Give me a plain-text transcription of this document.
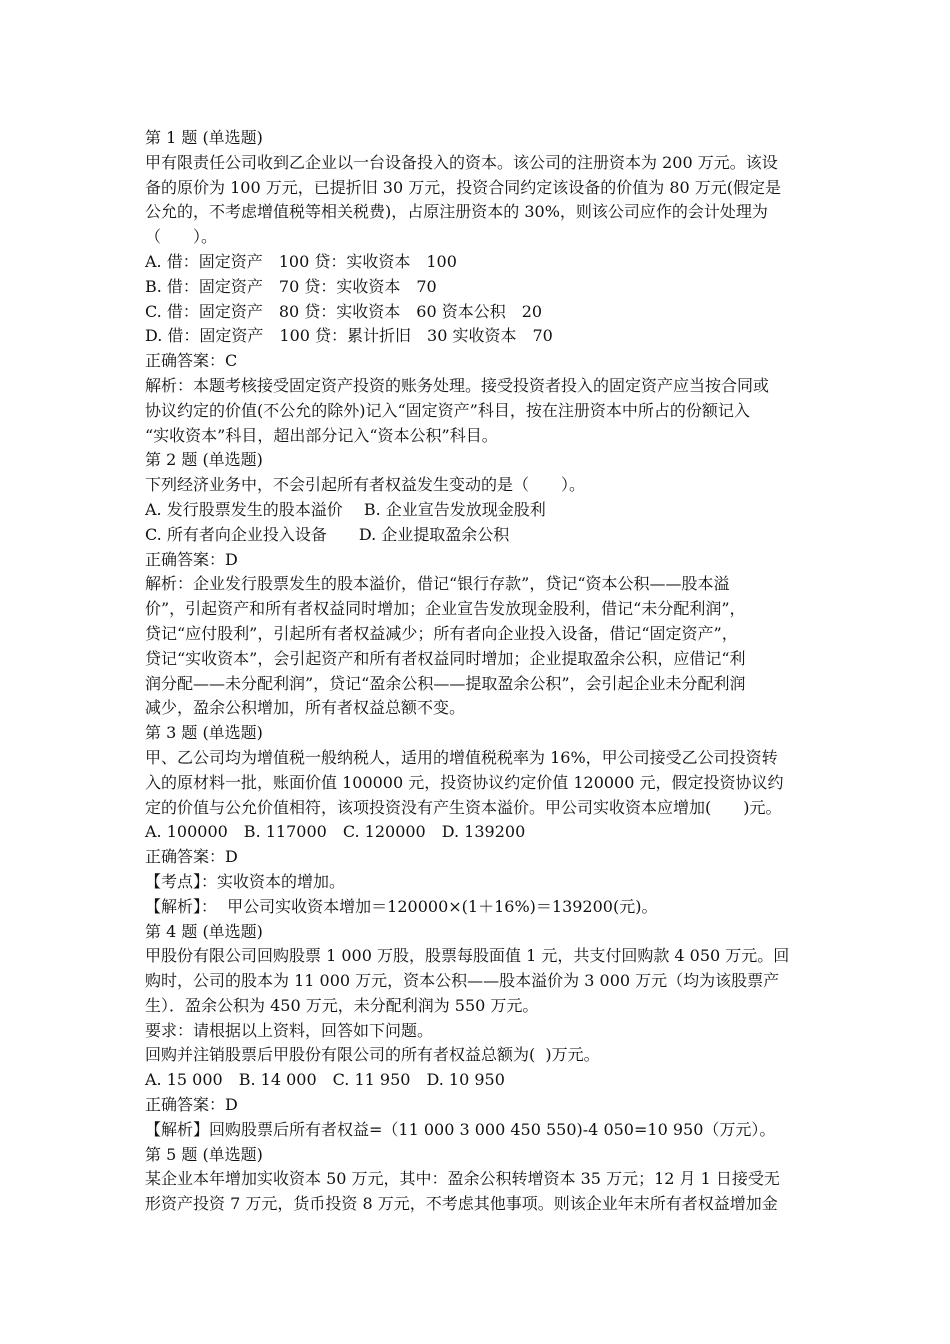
第 1 题 (单选题)
甲有限责任公司收到乙企业以一台设备投入的资本。该公司的注册资本为 200 万元。该设
备的原价为 100 万元，已提折旧 30 万元，投资合同约定该设备的价值为 80 万元(假定是
公允的，不考虑增值税等相关税费)，占原注册资本的 30%，则该公司应作的会计处理为
（　　）。
A. 借：固定资产　100 贷：实收资本　100
B. 借：固定资产　70 贷：实收资本　70
C. 借：固定资产　80 贷：实收资本　60 资本公积　20
D. 借：固定资产　100 贷：累计折旧　30 实收资本　70
正确答案：C
解析：本题考核接受固定资产投资的账务处理。接受投资者投入的固定资产应当按合同或
协议约定的价值(不公允的除外)记入“固定资产”科目，按在注册资本中所占的份额记入
“实收资本”科目，超出部分记入“资本公积”科目。
第 2 题 (单选题)
下列经济业务中，不会引起所有者权益发生变动的是（　　）。
A. 发行股票发生的股本溢价　 B. 企业宣告发放现金股利
C. 所有者向企业投入设备　　D. 企业提取盈余公积
正确答案：D
解析：企业发行股票发生的股本溢价，借记“银行存款”，贷记“资本公积——股本溢
价”，引起资产和所有者权益同时增加；企业宣告发放现金股利，借记“未分配利润”，
贷记“应付股利”，引起所有者权益减少；所有者向企业投入设备，借记“固定资产”，
贷记“实收资本”，会引起资产和所有者权益同时增加；企业提取盈余公积，应借记“利
润分配——未分配利润”，贷记“盈余公积——提取盈余公积”，会引起企业未分配利润
减少，盈余公积增加，所有者权益总额不变。
第 3 题 (单选题)
甲、乙公司均为增值税一般纳税人，适用的增值税税率为 16%，甲公司接受乙公司投资转
入的原材料一批，账面价值 100000 元，投资协议约定价值 120000 元，假定投资协议约
定的价值与公允价值相符，该项投资没有产生资本溢价。甲公司实收资本应增加(　　)元。
A. 100000　B. 117000　C. 120000　D. 139200
正确答案：D
【考点】：实收资本的增加。
【解析】：  甲公司实收资本增加＝120000×(1＋16%)＝139200(元)。
第 4 题 (单选题)
甲股份有限公司回购股票 1 000 万股，股票每股面值 1 元，共支付回购款 4 050 万元。回
购时，公司的股本为 11 000 万元，资本公积——股本溢价为 3 000 万元（均为该股票产
生）．盈余公积为 450 万元，未分配利润为 550 万元。
要求：请根据以上资料，回答如下问题。
回购并注销股票后甲股份有限公司的所有者权益总额为(  )万元。
A. 15 000　B. 14 000　C. 11 950　D. 10 950
正确答案：D
【解析】回购股票后所有者权益=（11 000 3 000 450 550)-4 050=10 950（万元）。
第 5 题 (单选题)
某企业本年增加实收资本 50 万元，其中：盈余公积转增资本 35 万元；12 月 1 日接受无
形资产投资 7 万元，货币投资 8 万元，不考虑其他事项。则该企业年末所有者权益增加金
